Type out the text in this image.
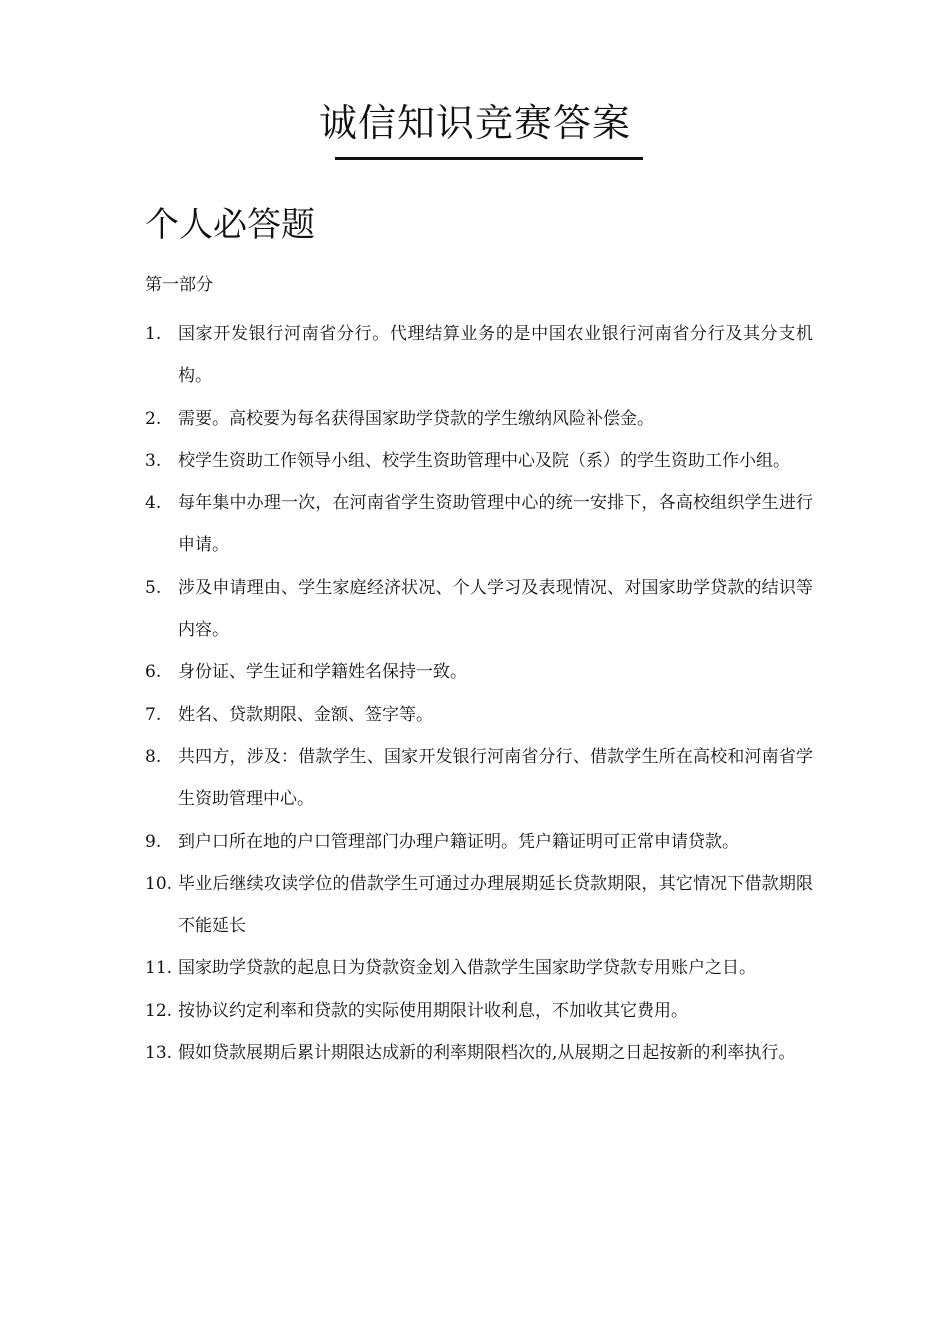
诚信知识竞赛答案
个人必答题

第一部分

1. 国家开发银行河南省分行。代理结算业务的是中国农业银行河南省分行及其分支机构。
2. 需要。高校要为每名获得国家助学贷款的学生缴纳风险补偿金。
3. 校学生资助工作领导小组、校学生资助管理中心及院（系）的学生资助工作小组。
4. 每年集中办理一次，在河南省学生资助管理中心的统一安排下，各高校组织学生进行申请。
5. 涉及申请理由、学生家庭经济状况、个人学习及表现情况、对国家助学贷款的结识等内容。
6. 身份证、学生证和学籍姓名保持一致。
7. 姓名、贷款期限、金额、签字等。
8. 共四方，涉及：借款学生、国家开发银行河南省分行、借款学生所在高校和河南省学生资助管理中心。
9. 到户口所在地的户口管理部门办理户籍证明。凭户籍证明可正常申请贷款。
10. 毕业后继续攻读学位的借款学生可通过办理展期延长贷款期限，其它情况下借款期限不能延长
11. 国家助学贷款的起息日为贷款资金划入借款学生国家助学贷款专用账户之日。
12. 按协议约定利率和贷款的实际使用期限计收利息，不加收其它费用。
13. 假如贷款展期后累计期限达成新的利率期限档次的,从展期之日起按新的利率执行。
